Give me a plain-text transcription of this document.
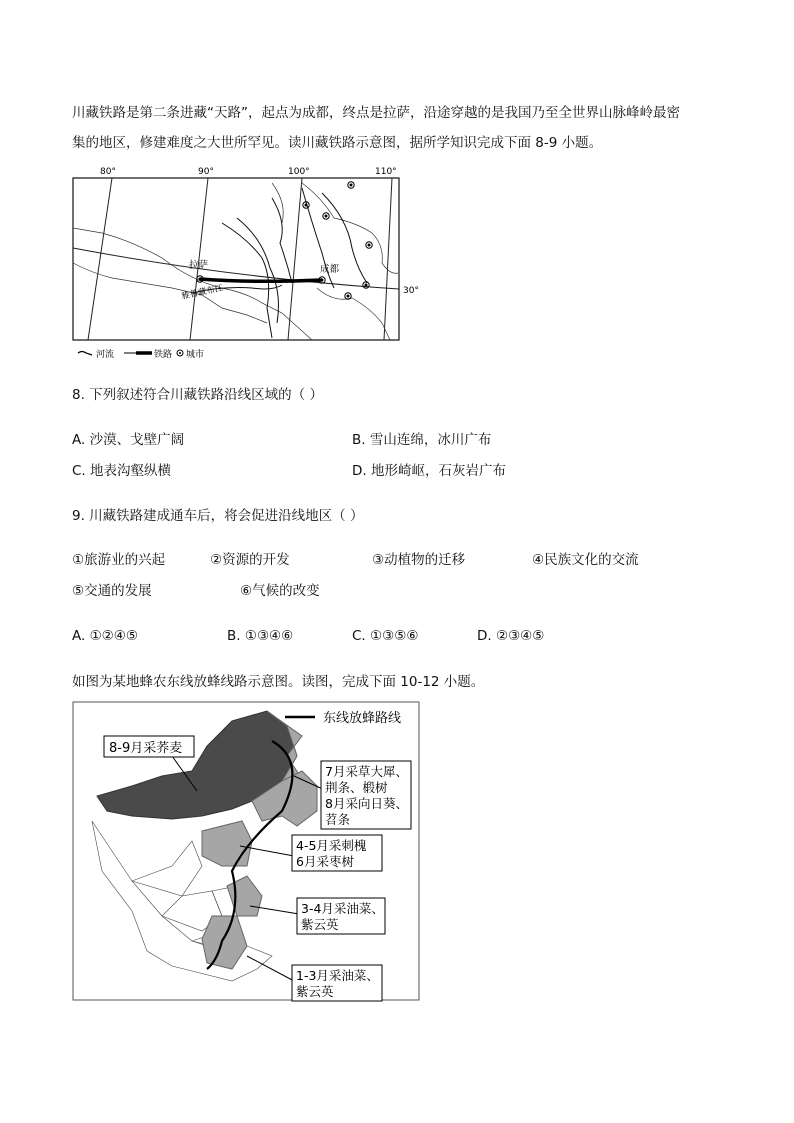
川藏铁路是第二条进藏“天路”，起点为成都，终点是拉萨，沿途穿越的是我国乃至全世界山脉峰岭最密
集的地区，修建难度之大世所罕见。读川藏铁路示意图，据所学知识完成下面 8-9 小题。
80°	90°	100°	110°
拉萨	成都
雅鲁藏布江	30°
河流	铁路 城市
8. 下列叙述符合川藏铁路沿线区域的（ ）
A. 沙漠、戈壁广阔	B. 雪山连绵，冰川广布
C. 地表沟壑纵横	D. 地形崎岖，石灰岩广布
9. 川藏铁路建成通车后，将会促进沿线地区（ ）
①旅游业的兴起	②资源的开发	③动植物的迁移	④民族文化的交流
⑤交通的发展	⑥气候的改变
A. ①②④⑤	B. ①③④⑥	C. ①③⑤⑥	D. ②③④⑤
如图为某地蜂农东线放蜂线路示意图。读图，完成下面 10-12 小题。
东线放蜂路线
8-9月采荞麦
7月采草大犀、
荆条、椴树
8月采向日葵、
苕条
4-5月采刺槐
6月采枣树
3-4月采油菜、
紫云英
1-3月采油菜、
紫云英
